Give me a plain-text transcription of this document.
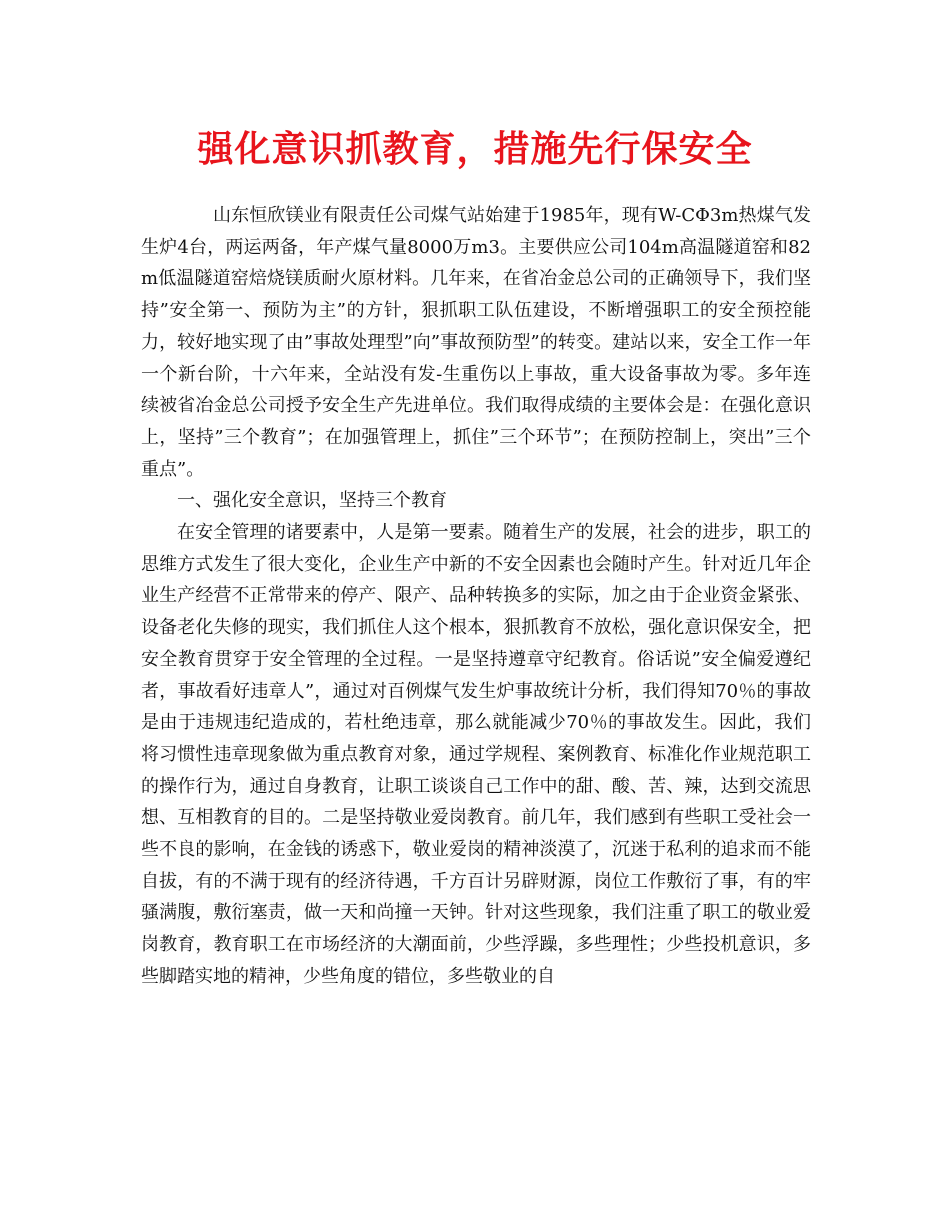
强化意识抓教育，措施先行保安全

山东恒欣镁业有限责任公司煤气站始建于1985年，现有W-CΦ3m热煤气发生炉4台，两运两备，年产煤气量8000万m3。主要供应公司104m高温隧道窑和82m低温隧道窑焙烧镁质耐火原材料。几年来，在省冶金总公司的正确领导下，我们坚持”安全第一、预防为主”的方针，狠抓职工队伍建设，不断增强职工的安全预控能力，较好地实现了由”事故处理型”向”事故预防型”的转变。建站以来，安全工作一年一个新台阶，十六年来，全站没有发-生重伤以上事故，重大设备事故为零。多年连续被省冶金总公司授予安全生产先进单位。我们取得成绩的主要体会是：在强化意识上，坚持”三个教育”；在加强管理上，抓住”三个环节”；在预防控制上，突出”三个重点”。

一、强化安全意识，坚持三个教育

在安全管理的诸要素中，人是第一要素。随着生产的发展，社会的进步，职工的思维方式发生了很大变化，企业生产中新的不安全因素也会随时产生。针对近几年企业生产经营不正常带来的停产、限产、品种转换多的实际，加之由于企业资金紧张、设备老化失修的现实，我们抓住人这个根本，狠抓教育不放松，强化意识保安全，把安全教育贯穿于安全管理的全过程。一是坚持遵章守纪教育。俗话说”安全偏爱遵纪者，事故看好违章人”，通过对百例煤气发生炉事故统计分析，我们得知70％的事故是由于违规违纪造成的，若杜绝违章，那么就能减少70％的事故发生。因此，我们将习惯性违章现象做为重点教育对象，通过学规程、案例教育、标准化作业规范职工的操作行为，通过自身教育，让职工谈谈自己工作中的甜、酸、苦、辣，达到交流思想、互相教育的目的。二是坚持敬业爱岗教育。前几年，我们感到有些职工受社会一些不良的影响，在金钱的诱惑下，敬业爱岗的精神淡漠了，沉迷于私利的追求而不能自拔，有的不满于现有的经济待遇，千方百计另辟财源，岗位工作敷衍了事，有的牢骚满腹，敷衍塞责，做一天和尚撞一天钟。针对这些现象，我们注重了职工的敬业爱岗教育，教育职工在市场经济的大潮面前，少些浮躁，多些理性；少些投机意识，多些脚踏实地的精神，少些角度的错位，多些敬业的自
